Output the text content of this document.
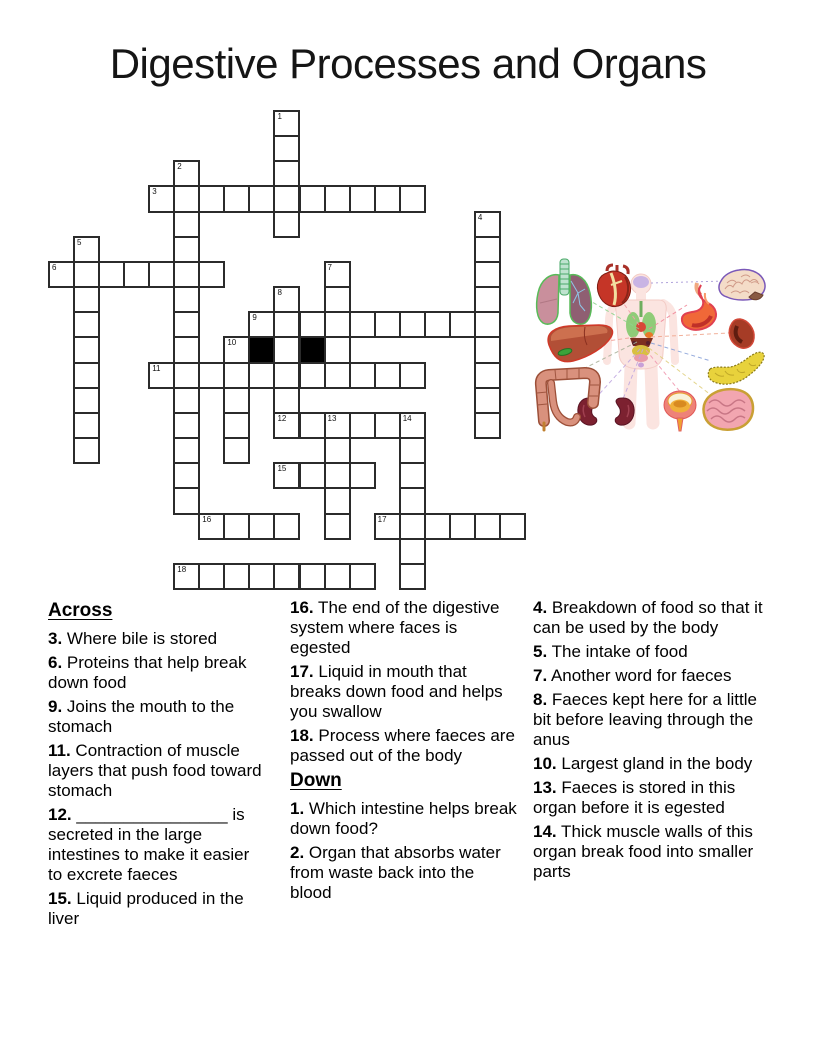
Digestive Processes and Organs
1
2
3
4
5
6	7
8
9
10
11
12	13	14
15
16	17
18
Across
3. Where bile is stored
6. Proteins that help break down food
9. Joins the mouth to the stomach
11. Contraction of muscle layers that push food toward stomach
12. ________________ is secreted in the large intestines to make it easier to excrete faeces
15. Liquid produced in the liver
16. The end of the digestive system where faces is egested
17. Liquid in mouth that breaks down food and helps you swallow
18. Process where faeces are passed out of the body
Down
1. Which intestine helps break down food?
2. Organ that absorbs water from waste back into the blood
4. Breakdown of food so that it can be used by the body
5. The intake of food
7. Another word for faeces
8. Faeces kept here for a little bit before leaving through the anus
10. Largest gland in the body
13. Faeces is stored in this organ before it is egested
14. Thick muscle walls of this organ break food into smaller parts
